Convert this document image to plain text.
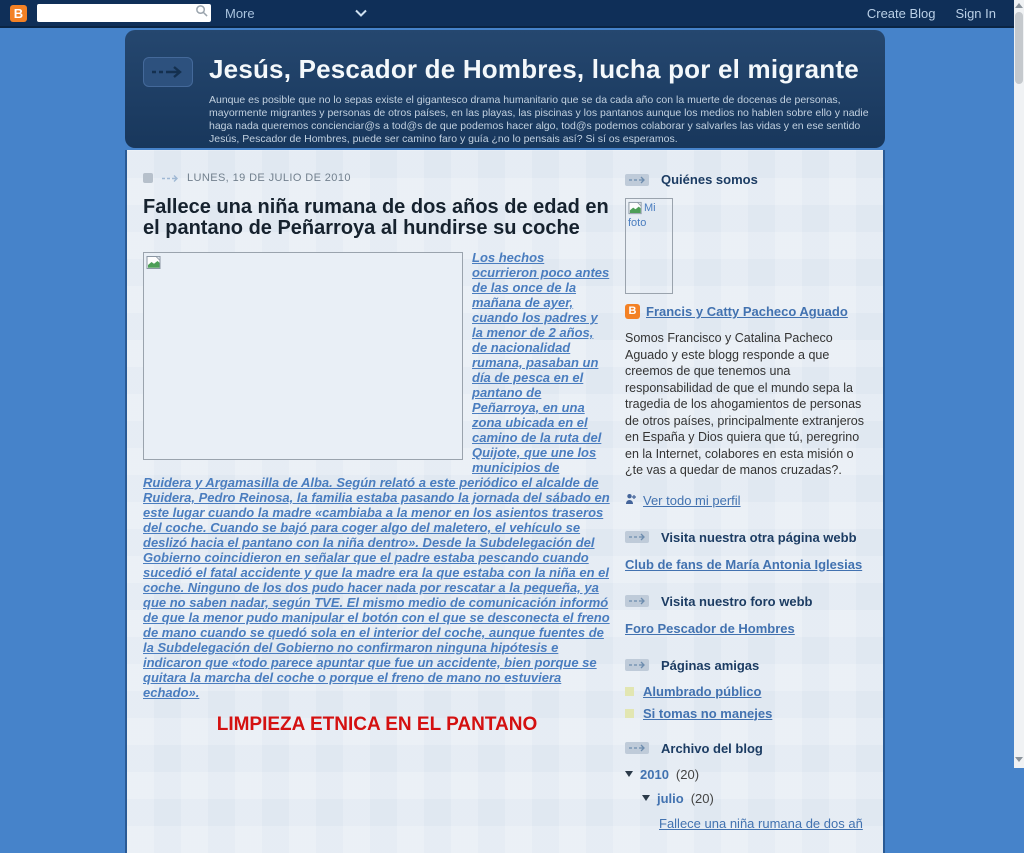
B	More	Create Blog Sign In
Jesús, Pescador de Hombres, lucha por el migrante
Aunque es posible que no lo sepas existe el gigantesco drama humanitario que se da cada año con la muerte de docenas de personas, mayormente migrantes y personas de otros países, en las playas, las piscinas y los pantanos aunque los medios no hablen sobre ello y nadie haga nada queremos concienciar@s a tod@s de que podemos hacer algo, tod@s podemos colaborar y salvarles las vidas y en ese sentido Jesús, Pescador de Hombres, puede ser camino faro y guía ¿no lo pensais así? Si sí os esperamos.
LUNES, 19 DE JULIO DE 2010
Fallece una niña rumana de dos años de edad en el pantano de Peñarroya al hundirse su coche
Los hechos ocurrieron poco antes de las once de la mañana de ayer, cuando los padres y la menor de 2 años, de nacionalidad rumana, pasaban un día de pesca en el pantano de Peñarroya, en una zona ubicada en el camino de la ruta del Quijote, que une los municipios de Ruidera y Argamasilla de Alba. Según relató a este periódico el alcalde de Ruidera, Pedro Reinosa, la familia estaba pasando la jornada del sábado en este lugar cuando la madre «cambiaba a la menor en los asientos traseros del coche. Cuando se bajó para coger algo del maletero, el vehículo se deslizó hacia el pantano con la niña dentro». Desde la Subdelegación del Gobierno coincidieron en señalar que el padre estaba pescando cuando sucedió el fatal accidente y que la madre era la que estaba con la niña en el coche. Ninguno de los dos pudo hacer nada por rescatar a la pequeña, ya que no saben nadar, según TVE. El mismo medio de comunicación informó de que la menor pudo manipular el botón con el que se desconecta el freno de mano cuando se quedó sola en el interior del coche, aunque fuentes de la Subdelegación del Gobierno no confirmaron ninguna hipótesis e indicaron que «todo parece apuntar que fue un accidente, bien porque se quitara la marcha del coche o porque el freno de mano no estuviera echado».
LIMPIEZA ETNICA EN EL PANTANO
Quiénes somos
Mi foto
B Francis y Catty Pacheco Aguado
Somos Francisco y Catalina Pacheco Aguado y este blogg responde a que creemos de que tenemos una responsabilidad de que el mundo sepa la tragedia de los ahogamientos de personas de otros países, principalmente extranjeros en España y Dios quiera que tú, peregrino en la Internet, colabores en esta misión o ¿te vas a quedar de manos cruzadas?.
Ver todo mi perfil
Visita nuestra otra página webb
Club de fans de María Antonia Iglesias
Visita nuestro foro webb
Foro Pescador de Hombres
Páginas amigas
Alumbrado público
Si tomas no manejes
Archivo del blog
2010 (20)
julio (20)
Fallece una niña rumana de dos añ
